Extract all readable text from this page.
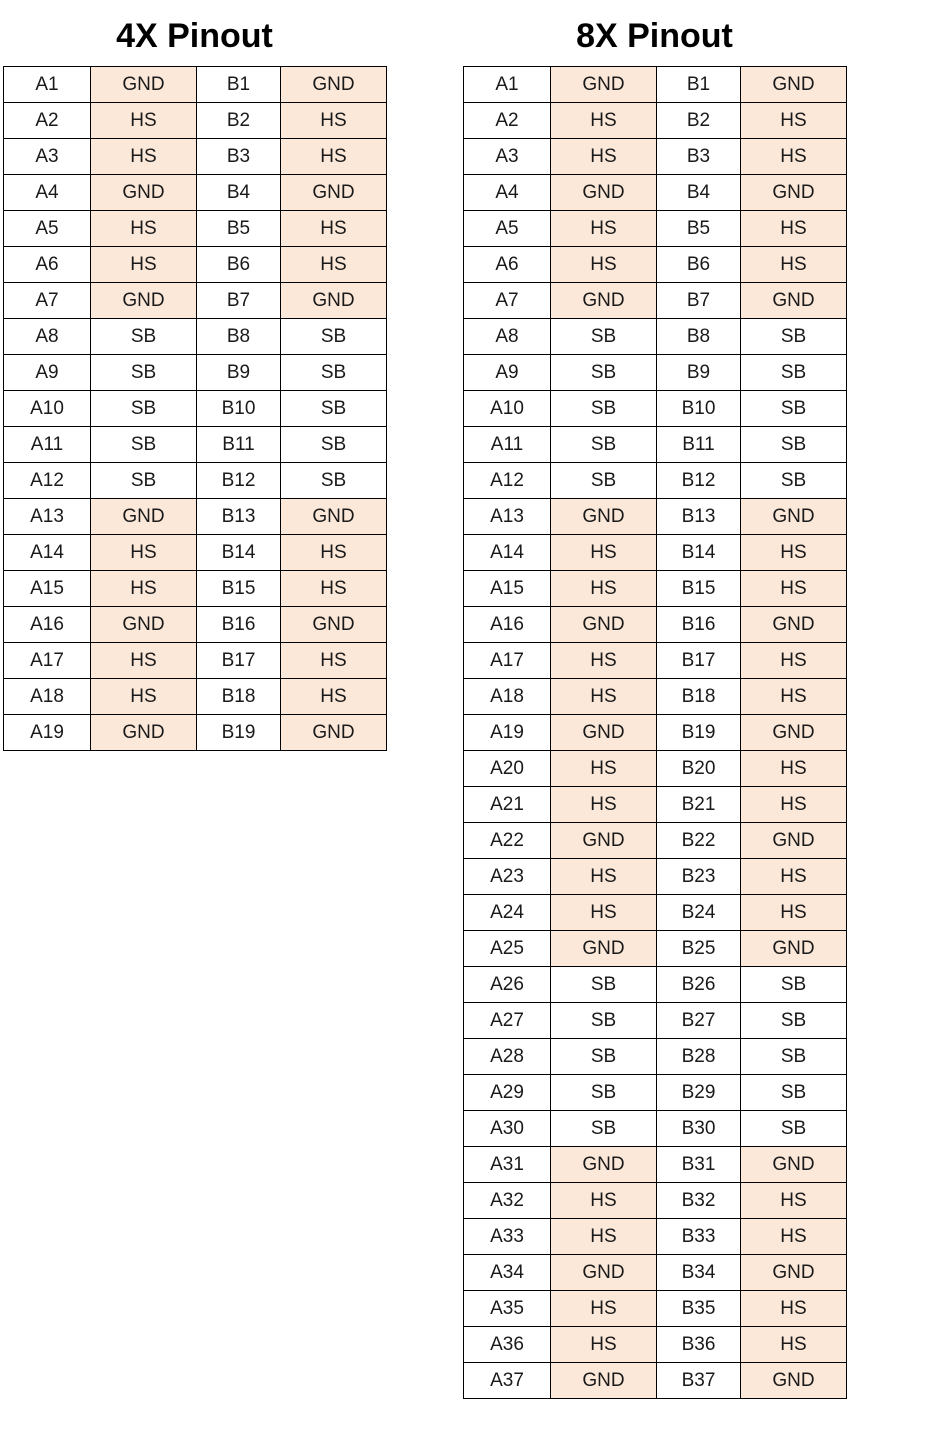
4X Pinout
A1	GND	B1	GND
A2	HS	B2	HS
A3	HS	B3	HS
A4	GND	B4	GND
A5	HS	B5	HS
A6	HS	B6	HS
A7	GND	B7	GND
A8	SB	B8	SB
A9	SB	B9	SB
A10	SB	B10	SB
A11	SB	B11	SB
A12	SB	B12	SB
A13	GND	B13	GND
A14	HS	B14	HS
A15	HS	B15	HS
A16	GND	B16	GND
A17	HS	B17	HS
A18	HS	B18	HS
A19	GND	B19	GND
8X Pinout
A1	GND	B1	GND
A2	HS	B2	HS
A3	HS	B3	HS
A4	GND	B4	GND
A5	HS	B5	HS
A6	HS	B6	HS
A7	GND	B7	GND
A8	SB	B8	SB
A9	SB	B9	SB
A10	SB	B10	SB
A11	SB	B11	SB
A12	SB	B12	SB
A13	GND	B13	GND
A14	HS	B14	HS
A15	HS	B15	HS
A16	GND	B16	GND
A17	HS	B17	HS
A18	HS	B18	HS
A19	GND	B19	GND
A20	HS	B20	HS
A21	HS	B21	HS
A22	GND	B22	GND
A23	HS	B23	HS
A24	HS	B24	HS
A25	GND	B25	GND
A26	SB	B26	SB
A27	SB	B27	SB
A28	SB	B28	SB
A29	SB	B29	SB
A30	SB	B30	SB
A31	GND	B31	GND
A32	HS	B32	HS
A33	HS	B33	HS
A34	GND	B34	GND
A35	HS	B35	HS
A36	HS	B36	HS
A37	GND	B37	GND
